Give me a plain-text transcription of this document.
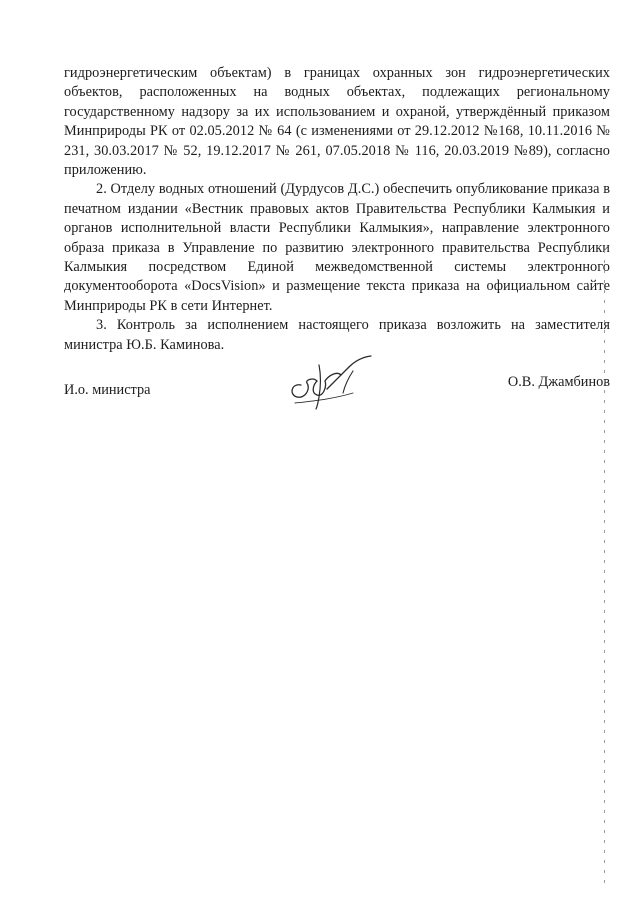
гидроэнергетическим объектам) в границах охранных зон гидроэнергетических объектов, расположенных на водных объектах, подлежащих региональному государственному надзору за их использованием и охраной, утверждённый приказом Минприроды РК от 02.05.2012 № 64 (с изменениями от 29.12.2012 №168, 10.11.2016 № 231, 30.03.2017 № 52, 19.12.2017 № 261, 07.05.2018 № 116, 20.03.2019 №89), согласно приложению.

2. Отделу водных отношений (Дурдусов Д.С.) обеспечить опубликование приказа в печатном издании «Вестник правовых актов Правительства Республики Калмыкия и органов исполнительной власти Республики Калмыкия», направление электронного образа приказа в Управление по развитию электронного правительства Республики Калмыкия посредством Единой межведомственной системы электронного документооборота «DocsVision» и размещение текста приказа на официальном сайте Минприроды РК в сети Интернет.

3. Контроль за исполнением настоящего приказа возложить на заместителя министра Ю.Б. Каминова.

И.о. министра	О.В. Джамбинов
